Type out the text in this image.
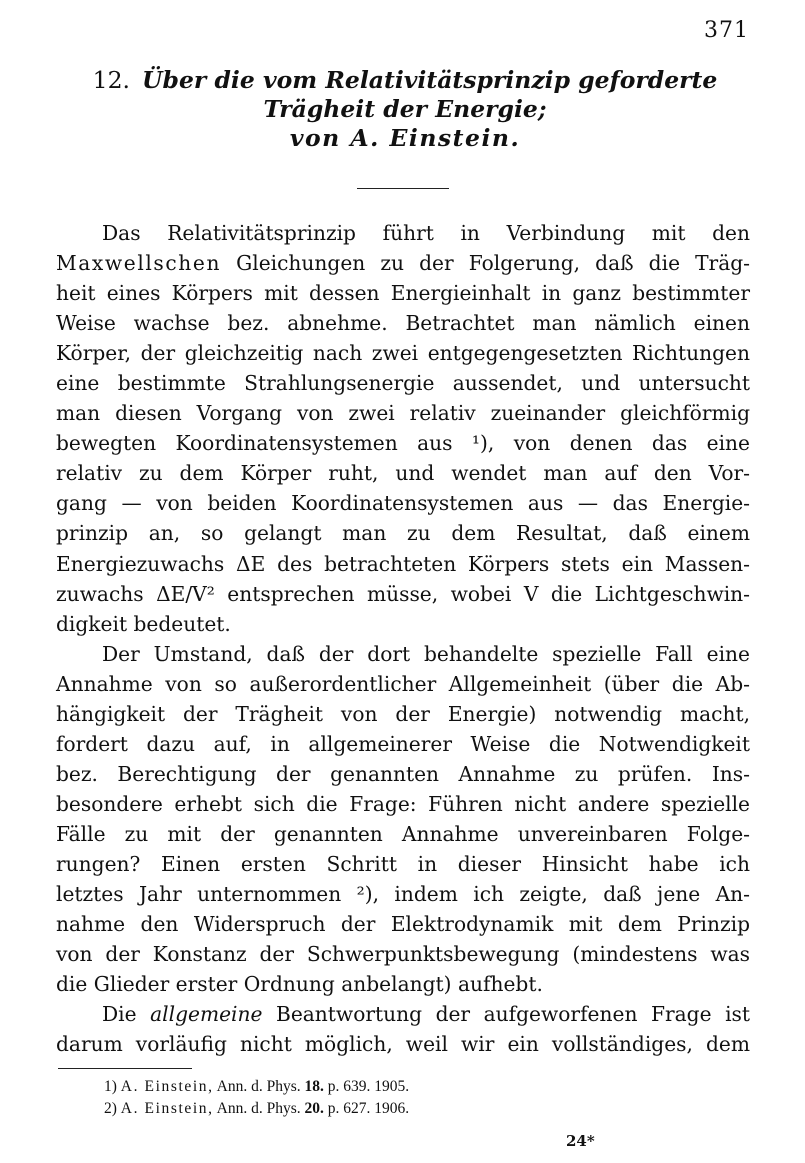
371
12. Über die vom Relativitätsprinzip geforderte
Trägheit der Energie;
von A. Einstein.
Das Relativitätsprinzip führt in Verbindung mit den
Maxwellschen Gleichungen zu der Folgerung, daß die Träg-
heit eines Körpers mit dessen Energieinhalt in ganz bestimmter
Weise wachse bez. abnehme. Betrachtet man nämlich einen
Körper, der gleichzeitig nach zwei entgegengesetzten Richtungen
eine bestimmte Strahlungsenergie aussendet, und untersucht
man diesen Vorgang von zwei relativ zueinander gleichförmig
bewegten Koordinatensystemen aus ¹), von denen das eine
relativ zu dem Körper ruht, und wendet man auf den Vor-
gang — von beiden Koordinatensystemen aus — das Energie-
prinzip an, so gelangt man zu dem Resultat, daß einem
Energiezuwachs ΔE des betrachteten Körpers stets ein Massen-
zuwachs ΔE/V² entsprechen müsse, wobei V die Lichtgeschwin-
digkeit bedeutet.
Der Umstand, daß der dort behandelte spezielle Fall eine
Annahme von so außerordentlicher Allgemeinheit (über die Ab-
hängigkeit der Trägheit von der Energie) notwendig macht,
fordert dazu auf, in allgemeinerer Weise die Notwendigkeit
bez. Berechtigung der genannten Annahme zu prüfen. Ins-
besondere erhebt sich die Frage: Führen nicht andere spezielle
Fälle zu mit der genannten Annahme unvereinbaren Folge-
rungen? Einen ersten Schritt in dieser Hinsicht habe ich
letztes Jahr unternommen ²), indem ich zeigte, daß jene An-
nahme den Widerspruch der Elektrodynamik mit dem Prinzip
von der Konstanz der Schwerpunktsbewegung (mindestens was
die Glieder erster Ordnung anbelangt) aufhebt.
Die allgemeine Beantwortung der aufgeworfenen Frage ist
darum vorläufig nicht möglich, weil wir ein vollständiges, dem
1) A. Einstein, Ann. d. Phys. 18. p. 639. 1905.
2) A. Einstein, Ann. d. Phys. 20. p. 627. 1906.
24*
